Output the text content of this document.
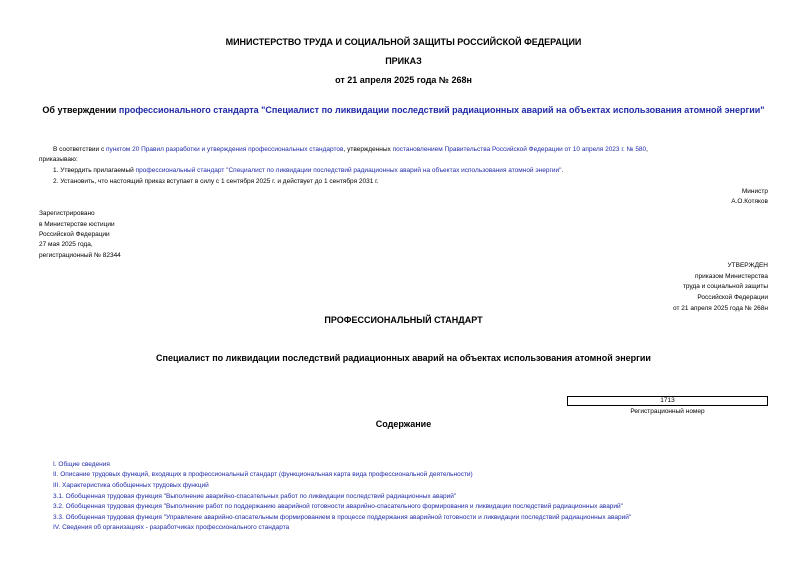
МИНИСТЕРСТВО ТРУДА И СОЦИАЛЬНОЙ ЗАЩИТЫ РОССИЙСКОЙ ФЕДЕРАЦИИ
ПРИКАЗ
от 21 апреля 2025 года № 268н
Об утверждении профессионального стандарта "Специалист по ликвидации последствий радиационных аварий на объектах использования атомной энергии"
В соответствии с пунктом 20 Правил разработки и утверждения профессиональных стандартов, утвержденных постановлением Правительства Российской Федерации от 10 апреля 2023 г. № 580,
приказываю:
1. Утвердить прилагаемый профессиональный стандарт "Специалист по ликвидации последствий радиационных аварий на объектах использования атомной энергии".
2. Установить, что настоящий приказ вступает в силу с 1 сентября 2025 г. и действует до 1 сентября 2031 г.
Министр
А.О.Котяков
Зарегистрировано
в Министерстве юстиции
Российской Федерации
27 мая 2025 года,
регистрационный № 82344
УТВЕРЖДЕН
приказом Министерства
труда и социальной защиты
Российской Федерации
от 21 апреля 2025 года № 268н
ПРОФЕССИОНАЛЬНЫЙ СТАНДАРТ
Специалист по ликвидации последствий радиационных аварий на объектах использования атомной энергии
1713
Регистрационный номер
Содержание
I. Общие сведения
II. Описание трудовых функций, входящих в профессиональный стандарт (функциональная карта вида профессиональной деятельности)
III. Характеристика обобщенных трудовых функций
3.1. Обобщенная трудовая функция "Выполнение аварийно-спасательных работ по ликвидации последствий радиационных аварий"
3.2. Обобщенная трудовая функция "Выполнение работ по поддержанию аварийной готовности аварийно-спасательного формирования и ликвидации последствий радиационных аварий"
3.3. Обобщенная трудовая функция "Управление аварийно-спасательным формированием в процессе поддержания аварийной готовности и ликвидации последствий радиационных аварий"
IV. Сведения об организациях - разработчиках профессионального стандарта
